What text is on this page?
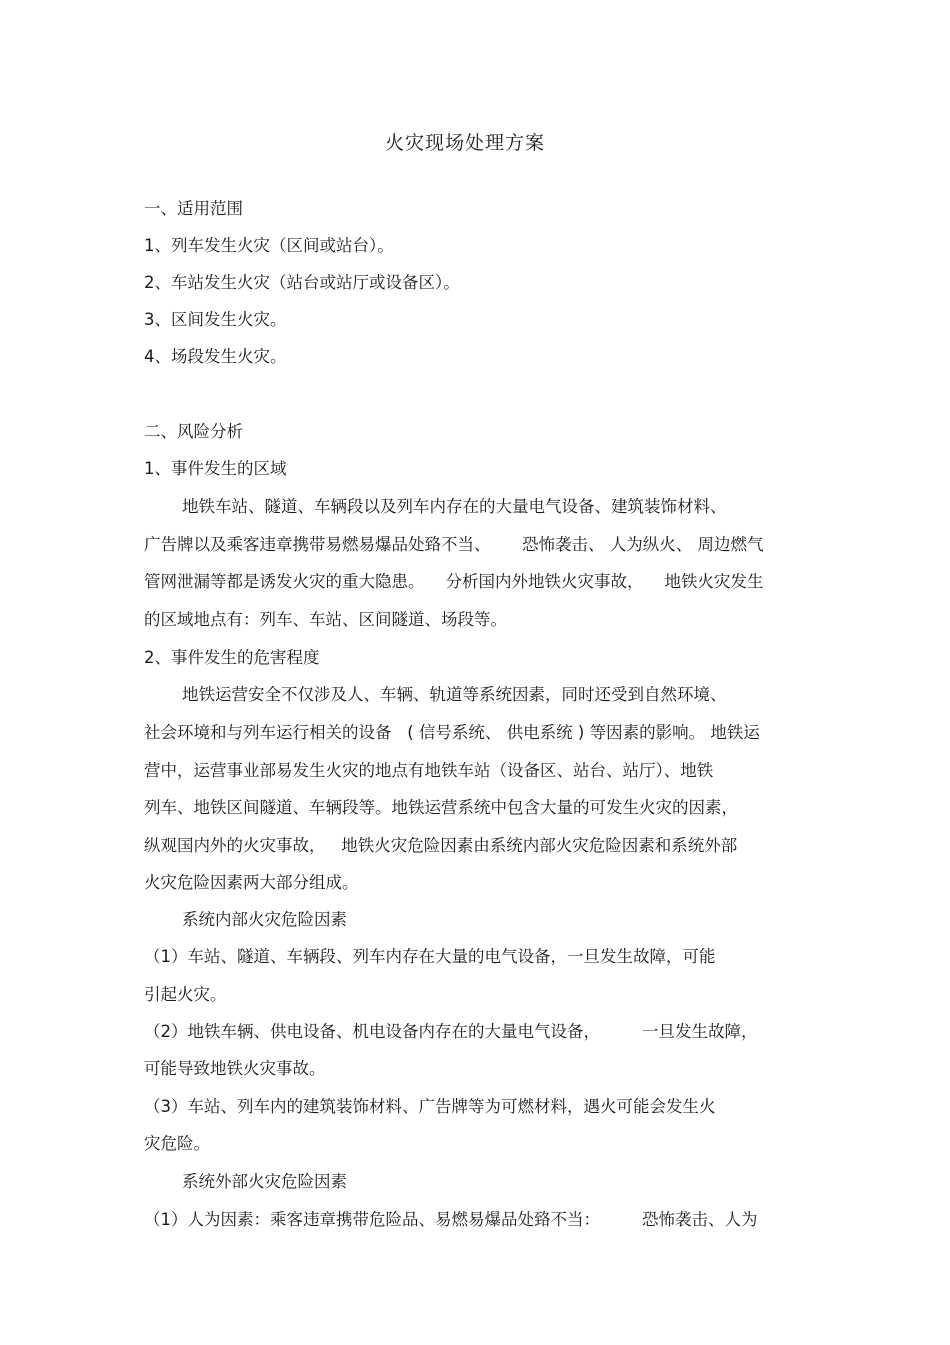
火灾现场处理方案
一、适用范围
1、列车发生火灾（区间或站台）。
2、车站发生火灾（站台或站厅或设备区）。
3、区间发生火灾。
4、场段发生火灾。
二、风险分析
1、事件发生的区域
地铁车站、隧道、车辆段以及列车内存在的大量电气设备、建筑装饰材料、
广告牌以及乘客违章携带易燃易爆品处臵不当、      恐怖袭击、 人为纵火、 周边燃气
管网泄漏等都是诱发火灾的重大隐患。    分析国内外地铁火灾事故，    地铁火灾发生
的区域地点有：列车、车站、区间隧道、场段等。
2、事件发生的危害程度
地铁运营安全不仅涉及人、车辆、轨道等系统因素，同时还受到自然环境、
社会环境和与列车运行相关的设备   ( 信号系统、 供电系统 ) 等因素的影响。 地铁运
营中，运营事业部易发生火灾的地点有地铁车站（设备区、站台、站厅）、地铁
列车、地铁区间隧道、车辆段等。地铁运营系统中包含大量的可发生火灾的因素，
纵观国内外的火灾事故，   地铁火灾危险因素由系统内部火灾危险因素和系统外部
火灾危险因素两大部分组成。
系统内部火灾危险因素
（1）车站、隧道、车辆段、列车内存在大量的电气设备，一旦发生故障，可能
引起火灾。
（2）地铁车辆、供电设备、机电设备内存在的大量电气设备，        一旦发生故障，
可能导致地铁火灾事故。
（3）车站、列车内的建筑装饰材料、广告牌等为可燃材料，遇火可能会发生火
灾危险。
系统外部火灾危险因素
（1）人为因素：乘客违章携带危险品、易燃易爆品处臵不当：        恐怖袭击、人为
